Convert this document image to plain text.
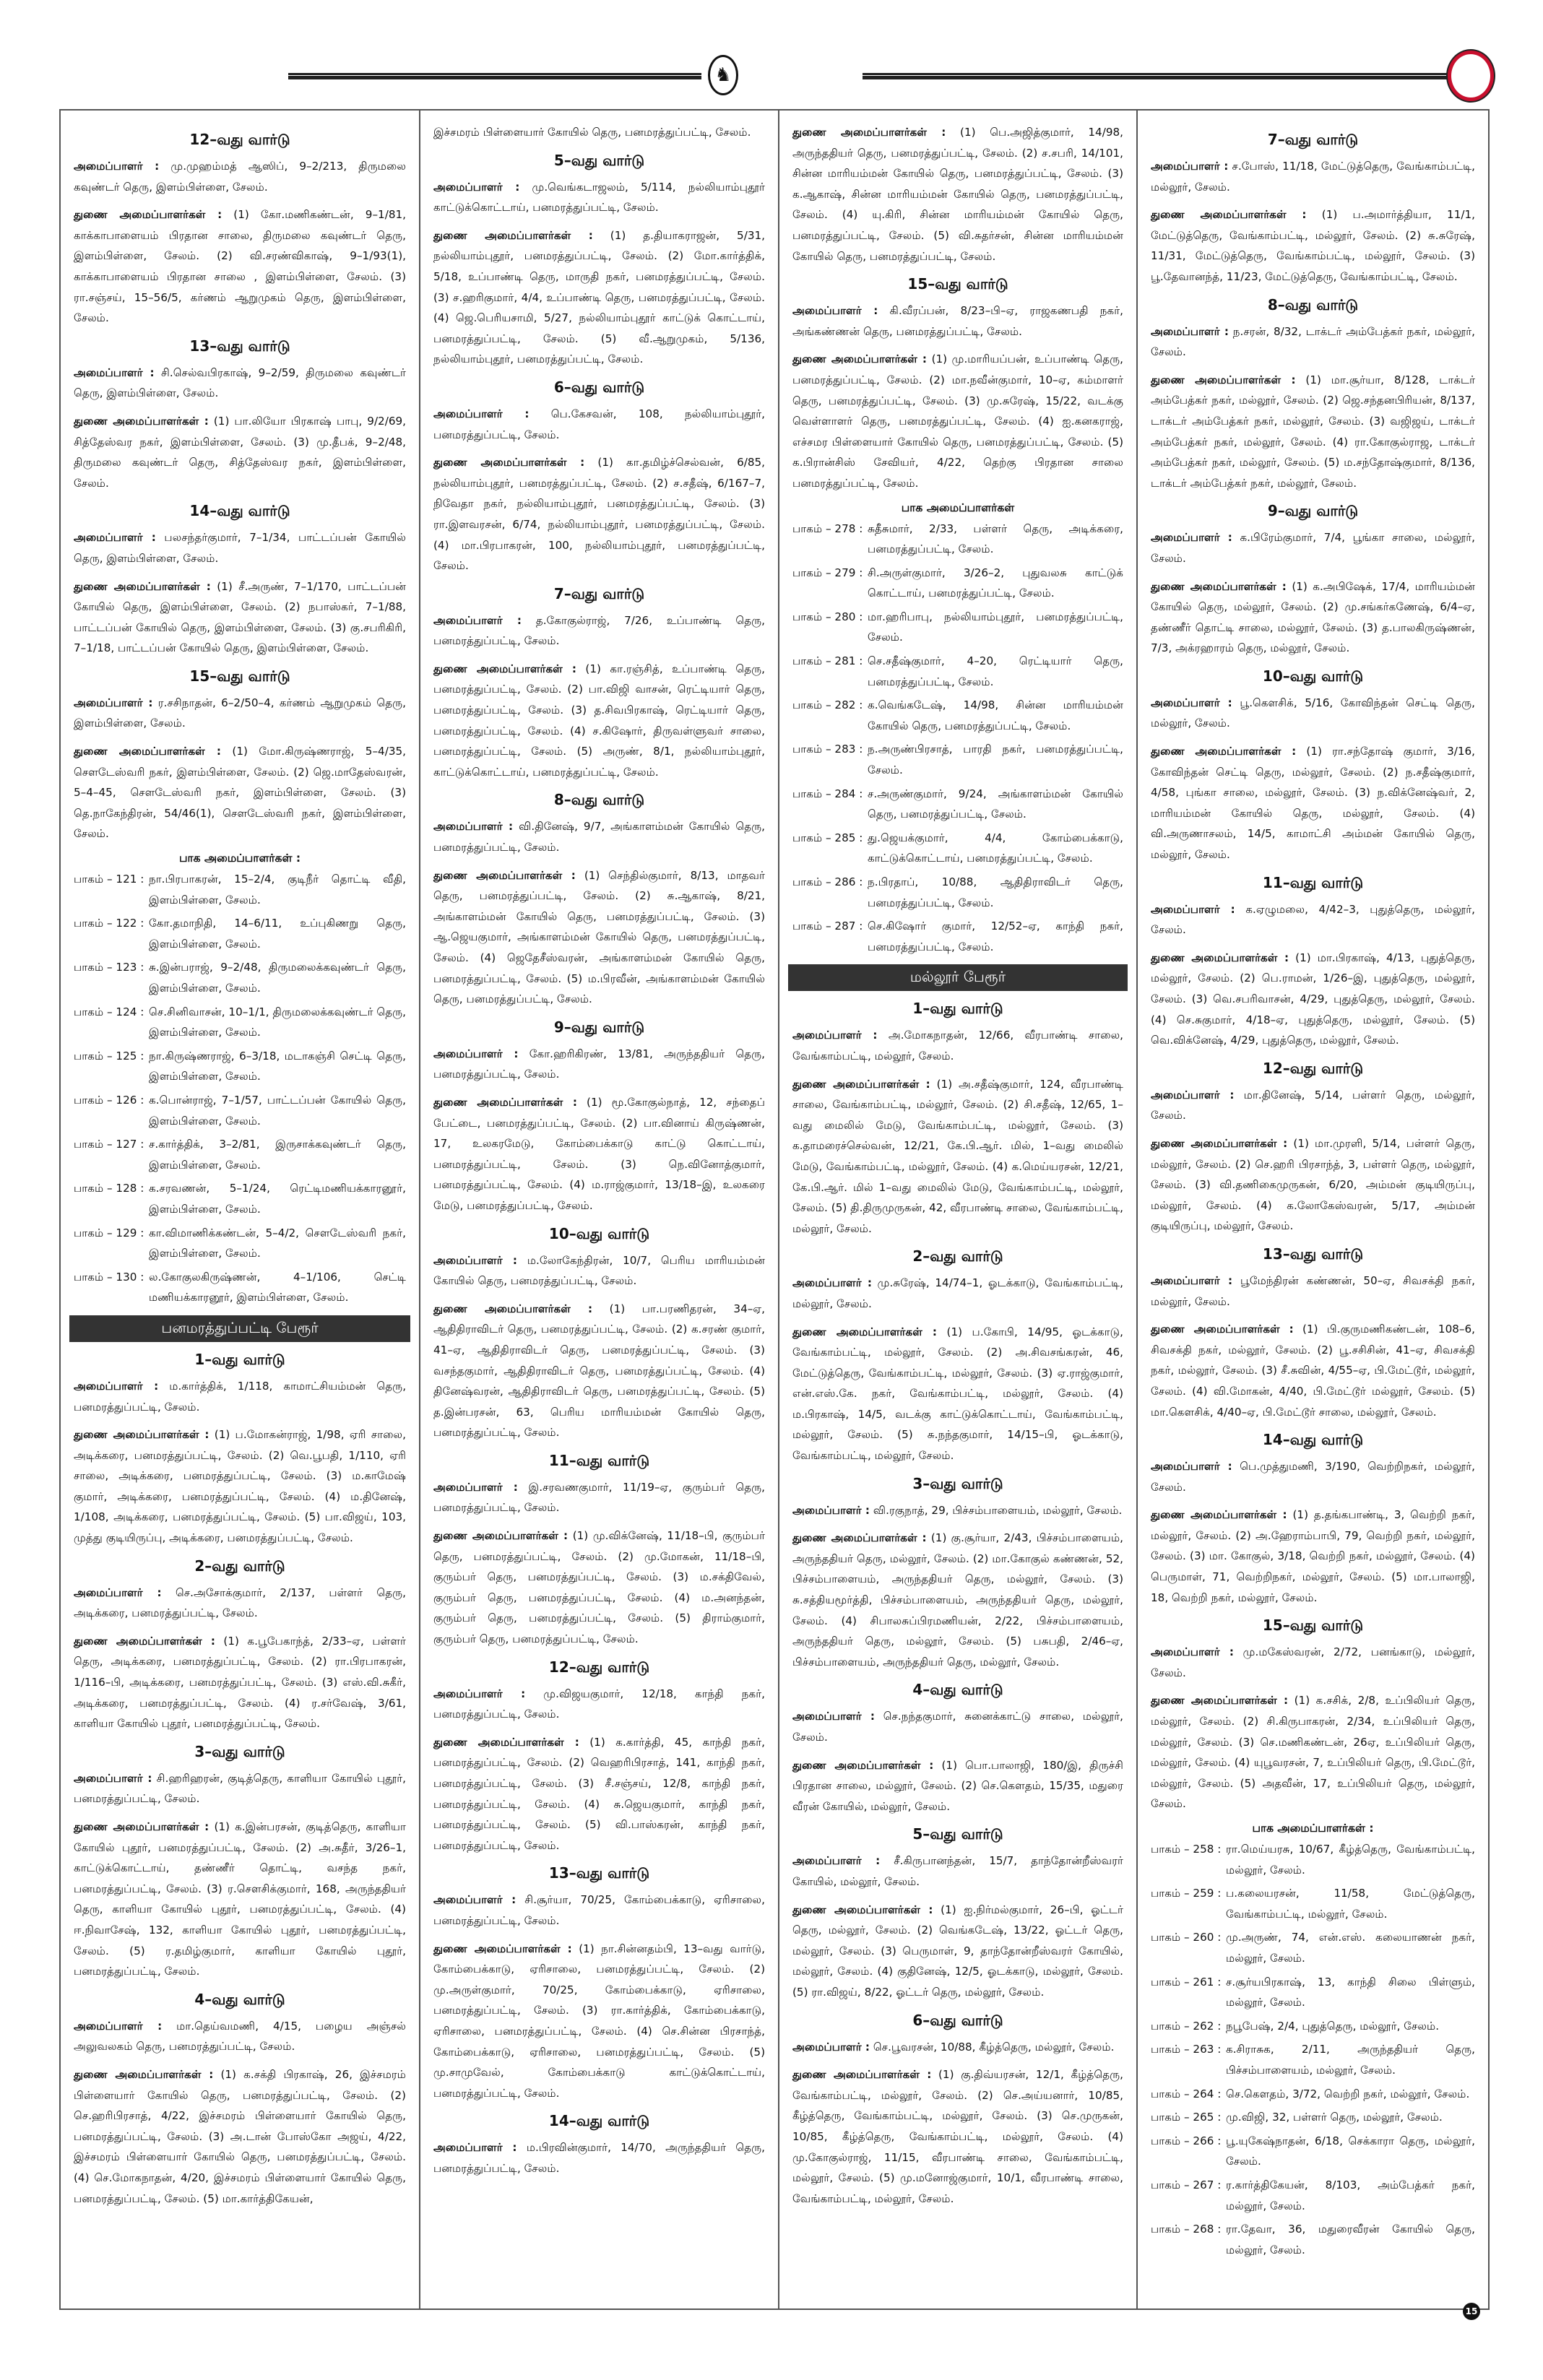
♞
12–வது வார்டு

அமைப்பாளர் : மு.முஹம்மத் ஆஸிப், 9–2/213, திருமலை கவுண்டர் தெரு, இளம்பிள்ளை, சேலம்.

துணை அமைப்பாளர்கள் : (1) கோ.மணிகண்டன், 9–1/81, காக்காபாளையம் பிரதான சாலை, திருமலை கவுண்டர் தெரு, இளம்பிள்ளை, சேலம். (2) வி.சரண்விகாஷ், 9–1/93(1), காக்காபாளையம் பிரதான சாலை , இளம்பிள்ளை, சேலம். (3) ரா.சஞ்சய், 15–56/5, கர்ணம் ஆறுமுகம் தெரு, இளம்பிள்ளை, சேலம்.

13–வது வார்டு

அமைப்பாளர் : சி.செல்வபிரகாஷ், 9–2/59, திருமலை கவுண்டர் தெரு, இளம்பிள்ளை, சேலம்.

துணை அமைப்பாளர்கள் : (1) பா.லியோ பிரகாஷ் பாபு, 9/2/69, சித்தேஸ்வர நகர், இளம்பிள்ளை, சேலம். (3) மு.தீபக், 9–2/48, திருமலை கவுண்டர் தெரு, சித்தேஸ்வர நகர், இளம்பிள்ளை, சேலம்.

14–வது வார்டு

அமைப்பாளர் : பலசந்தர்குமார், 7–1/34, பாட்டப்பன் கோயில் தெரு, இளம்பிள்ளை, சேலம்.

துணை அமைப்பாளர்கள் : (1) சீ.அருண், 7–1/170, பாட்டப்பன் கோயில் தெரு, இளம்பிள்ளை, சேலம். (2) நபாஸ்கர், 7–1/88, பாட்டப்பன் கோயில் தெரு, இளம்பிள்ளை, சேலம். (3) கு.சபரிகிரி, 7–1/18, பாட்டப்பன் கோயில் தெரு, இளம்பிள்ளை, சேலம்.

15–வது வார்டு

அமைப்பாளர் : ர.சசிநாதன், 6–2/50–4, கர்ணம் ஆறுமுகம் தெரு, இளம்பிள்ளை, சேலம்.

துணை அமைப்பாளர்கள் : (1) மோ.கிருஷ்ணராஜ், 5–4/35, சௌடேஸ்வரி நகர், இளம்பிள்ளை, சேலம். (2) ஜெ.மாதேஸ்வரன், 5–4–45, சௌடேஸ்வரி நகர், இளம்பிள்ளை, சேலம். (3) தெ.நாகேந்திரன், 54/46(1), சௌடேஸ்வரி நகர், இளம்பிள்ளை, சேலம்.

பாக அமைப்பாளர்கள் :
பாகம் – 121 : நா.பிரபாகரன், 15–2/4, குடிநீர் தொட்டி வீதி, இளம்பிள்ளை, சேலம்.
பாகம் – 122 : கோ.தமாநிதி, 14–6/11, உப்புகிணறு தெரு, இளம்பிள்ளை, சேலம்.
பாகம் – 123 : சு.இன்பராஜ், 9–2/48, திருமலைக்கவுண்டர் தெரு, இளம்பிள்ளை, சேலம்.
பாகம் – 124 : செ.சினிவாசன், 10–1/1, திருமலைக்கவுண்டர் தெரு, இளம்பிள்ளை, சேலம்.
பாகம் – 125 : நா.கிருஷ்ணராஜ், 6–3/18, மடாகஞ்சி செட்டி தெரு, இளம்பிள்ளை, சேலம்.
பாகம் – 126 : க.பொன்ராஜ், 7–1/57, பாட்டப்பன் கோயில் தெரு, இளம்பிள்ளை, சேலம்.
பாகம் – 127 : ச.கார்த்திக், 3–2/81, இருசாக்கவுண்டர் தெரு, இளம்பிள்ளை, சேலம்.
பாகம் – 128 : க.சரவணன், 5–1/24, ரெட்டிமணியக்காரனூர், இளம்பிள்ளை, சேலம்.
பாகம் – 129 : கா.விமாணிக்கண்டன், 5–4/2, சௌடேஸ்வரி நகர், இளம்பிள்ளை, சேலம்.
பாகம் – 130 : ல.கோகுலகிருஷ்ணன், 4–1/106, செட்டி மணியக்காரனூர், இளம்பிள்ளை, சேலம்.
பனமரத்துப்பட்டி பேரூர்
1–வது வார்டு

அமைப்பாளர் : ம.கார்த்திக், 1/118, காமாட்சியம்மன் தெரு, பனமரத்துப்பட்டி, சேலம்.

துணை அமைப்பாளர்கள் : (1) ப.மோகன்ராஜ், 1/98, ஏரி சாலை, அடிக்கரை, பனமரத்துப்பட்டி, சேலம். (2) வெ.பூபதி, 1/110, ஏரி சாலை, அடிக்கரை, பனமரத்துப்பட்டி, சேலம். (3) ம.காமேஷ் குமார், அடிக்கரை, பனமரத்துப்பட்டி, சேலம். (4) ம.தினேஷ், 1/108, அடிக்கரை, பனமரத்துப்பட்டி, சேலம். (5) பா.விஜய், 103, முத்து குடியிருப்பு, அடிக்கரை, பனமரத்துப்பட்டி, சேலம்.

2–வது வார்டு

அமைப்பாளர் : செ.அசோக்குமார், 2/137, பள்ளர் தெரு, அடிக்கரை, பனமரத்துப்பட்டி, சேலம்.

துணை அமைப்பாளர்கள் : (1) க.பூபேகாந்த், 2/33–ஏ, பள்ளர் தெரு, அடிக்கரை, பனமரத்துப்பட்டி, சேலம். (2) ரா.பிரபாகரன், 1/116–பி, அடிக்கரை, பனமரத்துப்பட்டி, சேலம். (3) எஸ்.வி.சுகீர், அடிக்கரை, பனமரத்துப்பட்டி, சேலம். (4) ர.சர்வேஷ், 3/61, காளியா கோயில் புதூர், பனமரத்துப்பட்டி, சேலம்.

3–வது வார்டு

அமைப்பாளர் : சி.ஹரிஹரன், குடித்தெரு, காளியா கோயில் புதூர், பனமரத்துப்பட்டி, சேலம்.

துணை அமைப்பாளர்கள் : (1) க.இன்பரசன், குடித்தெரு, காளியா கோயில் புதூர், பனமரத்துப்பட்டி, சேலம். (2) அ.சுதீர், 3/26–1, காட்டுக்கொட்டாய், தண்ணீர் தொட்டி, வசந்த நகர், பனமரத்துப்பட்டி, சேலம். (3) ர.செளசிக்குமார், 168, அருந்ததியர் தெரு, காளியா கோயில் புதூர், பனமரத்துப்பட்டி, சேலம். (4) ஈ.நிவாசேஷ், 132, காளியா கோயில் புதூர், பனமரத்துப்பட்டி, சேலம். (5) ர.தமிழ்குமார், காளியா கோயில் புதூர், பனமரத்துப்பட்டி, சேலம்.

4–வது வார்டு

அமைப்பாளர் : மா.தெய்வமணி, 4/15, பழைய அஞ்சல் அலுவலகம் தெரு, பனமரத்துப்பட்டி, சேலம்.

துணை அமைப்பாளர்கள் : (1) க.சக்தி பிரகாஷ், 26, இச்சமரம் பிள்ளையார் கோயில் தெரு, பனமரத்துப்பட்டி, சேலம். (2) செ.ஹரிபிரசாத், 4/22, இச்சமரம் பிள்ளையார் கோயில் தெரு, பனமரத்துப்பட்டி, சேலம். (3) அ.டான் போஸ்கோ அஜய், 4/22, இச்சமரம் பிள்ளையார் கோயில் தெரு, பனமரத்துப்பட்டி, சேலம். (4) செ.மோகநாதன், 4/20, இச்சமரம் பிள்ளையார் கோயில் தெரு, பனமரத்துப்பட்டி, சேலம். (5) மா.கார்த்திகேயன்,

இச்சமரம் பிள்ளையார் கோயில் தெரு, பனமரத்துப்பட்டி, சேலம்.

5–வது வார்டு

அமைப்பாளர் : மு.வெங்கடாஜலம், 5/114, நல்லியாம்புதூர் காட்டுக்கொட்டாய், பனமரத்துப்பட்டி, சேலம்.

துணை அமைப்பாளர்கள் : (1) த.தியாகராஜன், 5/31, நல்லியாம்புதூர், பனமரத்துப்பட்டி, சேலம். (2) மோ.கார்த்திக், 5/18, உப்பாண்டி தெரு, மாருதி நகர், பனமரத்துப்பட்டி, சேலம். (3) ச.ஹரிகுமார், 4/4, உப்பாண்டி தெரு, பனமரத்துப்பட்டி, சேலம். (4) ஜெ.பெரியசாமி, 5/27, நல்லியாம்புதூர் காட்டுக் கொட்டாய், பனமரத்துப்பட்டி, சேலம். (5) வீ.ஆறுமுகம், 5/136, நல்லியாம்புதூர், பனமரத்துப்பட்டி, சேலம்.

6–வது வார்டு

அமைப்பாளர் : பெ.கேசவன், 108, நல்லியாம்புதூர், பனமரத்துப்பட்டி, சேலம்.

துணை அமைப்பாளர்கள் : (1) கா.தமிழ்ச்செல்வன், 6/85, நல்லியாம்புதூர், பனமரத்துப்பட்டி, சேலம். (2) ச.சதீஷ், 6/167–7, நிவேதா நகர், நல்லியாம்புதூர், பனமரத்துப்பட்டி, சேலம். (3) ரா.இளவரசன், 6/74, நல்லியாம்புதூர், பனமரத்துப்பட்டி, சேலம். (4) மா.பிரபாகரன், 100, நல்லியாம்புதூர், பனமரத்துப்பட்டி, சேலம்.

7–வது வார்டு

அமைப்பாளர் : த.கோகுல்ராஜ், 7/26, உப்பாண்டி தெரு, பனமரத்துப்பட்டி, சேலம்.

துணை அமைப்பாளர்கள் : (1) கா.ரஞ்சித், உப்பாண்டி தெரு, பனமரத்துப்பட்டி, சேலம். (2) பா.விஜி வாசன், ரெட்டியார் தெரு, பனமரத்துப்பட்டி, சேலம். (3) த.சிவபிரகாஷ், ரெட்டியார் தெரு, பனமரத்துப்பட்டி, சேலம். (4) ச.கிஷோர், திருவள்ளுவர் சாலை, பனமரத்துப்பட்டி, சேலம். (5) அருண், 8/1, நல்லியாம்புதூர், காட்டுக்கொட்டாய், பனமரத்துப்பட்டி, சேலம்.

8–வது வார்டு

அமைப்பாளர் : வி.தினேஷ், 9/7, அங்காளம்மன் கோயில் தெரு, பனமரத்துப்பட்டி, சேலம்.

துணை அமைப்பாளர்கள் : (1) செந்தில்குமார், 8/13, மாதவர் தெரு, பனமரத்துப்பட்டி, சேலம். (2) சு.ஆகாஷ், 8/21, அங்காளம்மன் கோயில் தெரு, பனமரத்துப்பட்டி, சேலம். (3) ஆ.ஜெயகுமார், அங்காளம்மன் கோயில் தெரு, பனமரத்துப்பட்டி, சேலம். (4) ஜெதேசீஸ்வரன், அங்காளம்மன் கோயில் தெரு, பனமரத்துப்பட்டி, சேலம். (5) ம.பிரவீன், அங்காளம்மன் கோயில் தெரு, பனமரத்துப்பட்டி, சேலம்.

9–வது வார்டு

அமைப்பாளர் : கோ.ஹரிகிரண், 13/81, அருந்ததியர் தெரு, பனமரத்துப்பட்டி, சேலம்.

துணை அமைப்பாளர்கள் : (1) மூ.கோகுல்நாத், 12, சந்தைப் பேட்டை, பனமரத்துப்பட்டி, சேலம். (2) பா.வினாய் கிருஷ்ணன், 17, உலகரமேடு, கோம்பைக்காடு காட்டு கொட்டாய், பனமரத்துப்பட்டி, சேலம். (3) நெ.வினோத்குமார், பனமரத்துப்பட்டி, சேலம். (4) ம.ராஜ்குமார், 13/18–இ, உலகரை மேடு, பனமரத்துப்பட்டி, சேலம்.

10–வது வார்டு

அமைப்பாளர் : ம.லோகேந்திரன், 10/7, பெரிய மாரியம்மன் கோயில் தெரு, பனமரத்துப்பட்டி, சேலம்.

துணை அமைப்பாளர்கள் : (1) பா.பரணிதரன், 34–ஏ, ஆதிதிராவிடர் தெரு, பனமரத்துப்பட்டி, சேலம். (2) க.சரண் குமார், 41–ஏ, ஆதிதிராவிடர் தெரு, பனமரத்துப்பட்டி, சேலம். (3) வசந்தகுமார், ஆதிதிராவிடர் தெரு, பனமரத்துப்பட்டி, சேலம். (4) தினேஷ்வரன், ஆதிதிராவிடர் தெரு, பனமரத்துப்பட்டி, சேலம். (5) த.இன்பரசன், 63, பெரிய மாரியம்மன் கோயில் தெரு, பனமரத்துப்பட்டி, சேலம்.

11–வது வார்டு

அமைப்பாளர் : இ.சரவணகுமார், 11/19–ஏ, குரும்பர் தெரு, பனமரத்துப்பட்டி, சேலம்.

துணை அமைப்பாளர்கள் : (1) மு.விக்னேஷ், 11/18–பி, குரும்பர் தெரு, பனமரத்துப்பட்டி, சேலம். (2) மு.மோகன், 11/18–பி, குரும்பர் தெரு, பனமரத்துப்பட்டி, சேலம். (3) ம.சக்திவேல், குரும்பர் தெரு, பனமரத்துப்பட்டி, சேலம். (4) ம.அனந்தன், குரும்பர் தெரு, பனமரத்துப்பட்டி, சேலம். (5) திராம்குமார், குரும்பர் தெரு, பனமரத்துப்பட்டி, சேலம்.

12–வது வார்டு

அமைப்பாளர் : மு.விஜயகுமார், 12/18, காந்தி நகர், பனமரத்துப்பட்டி, சேலம்.

துணை அமைப்பாளர்கள் : (1) க.கார்த்தி, 45, காந்தி நகர், பனமரத்துப்பட்டி, சேலம். (2) வெஹரிபிரசாத், 141, காந்தி நகர், பனமரத்துப்பட்டி, சேலம். (3) சீ.சஞ்சய், 12/8, காந்தி நகர், பனமரத்துப்பட்டி, சேலம். (4) சு.ஜெயகுமார், காந்தி நகர், பனமரத்துப்பட்டி, சேலம். (5) வி.பாஸ்கரன், காந்தி நகர், பனமரத்துப்பட்டி, சேலம்.

13–வது வார்டு

அமைப்பாளர் : சி.சூர்யா, 70/25, கோம்பைக்காடு, ஏரிசாலை, பனமரத்துப்பட்டி, சேலம்.

துணை அமைப்பாளர்கள் : (1) நா.சின்னதம்பி, 13–வது வார்டு, கோம்பைக்காடு, ஏரிசாலை, பனமரத்துப்பட்டி, சேலம். (2) மு.அருள்குமார், 70/25, கோம்பைக்காடு, ஏரிசாலை, பனமரத்துப்பட்டி, சேலம். (3) ரா.கார்த்திக், கோம்பைக்காடு, ஏரிசாலை, பனமரத்துப்பட்டி, சேலம். (4) செ.சின்ன பிரசாந்த், கோம்பைக்காடு, ஏரிசாலை, பனமரத்துப்பட்டி, சேலம். (5) மு.சாமுவேல், கோம்பைக்காடு காட்டுக்கொட்டாய், பனமரத்துப்பட்டி, சேலம்.

14–வது வார்டு

அமைப்பாளர் : ம.பிரவின்குமார், 14/70, அருந்ததியர் தெரு, பனமரத்துப்பட்டி, சேலம்.

துணை அமைப்பாளர்கள் : (1) பெ.அஜித்குமார், 14/98, அருந்ததியர் தெரு, பனமரத்துப்பட்டி, சேலம். (2) ச.சபரி, 14/101, சின்ன மாரியம்மன் கோயில் தெரு, பனமரத்துப்பட்டி, சேலம். (3) க.ஆகாஷ், சின்ன மாரியம்மன் கோயில் தெரு, பனமரத்துப்பட்டி, சேலம். (4) யு.கிரி, சின்ன மாரியம்மன் கோயில் தெரு, பனமரத்துப்பட்டி, சேலம். (5) வி.சுதர்சன், சின்ன மாரியம்மன் கோயில் தெரு, பனமரத்துப்பட்டி, சேலம்.

15–வது வார்டு

அமைப்பாளர் : கி.வீரப்பன், 8/23–பி–ஏ, ராஜகணபதி நகர், அங்கண்ணன் தெரு, பனமரத்துப்பட்டி, சேலம்.

துணை அமைப்பாளர்கள் : (1) மு.மாரியப்பன், உப்பாண்டி தெரு, பனமரத்துப்பட்டி, சேலம். (2) மா.நவீன்குமார், 10–ஏ, கம்மாளர் தெரு, பனமரத்துப்பட்டி, சேலம். (3) மு.சுரேஷ், 15/22, வடக்கு வெள்ளாளர் தெரு, பனமரத்துப்பட்டி, சேலம். (4) ஐ.கனகராஜ், எச்சமர பிள்ளையார் கோயில் தெரு, பனமரத்துப்பட்டி, சேலம். (5) க.பிரான்சிஸ் சேவியர், 4/22, தெற்கு பிரதான சாலை பனமரத்துப்பட்டி, சேலம்.

பாக அமைப்பாளர்கள்
பாகம் – 278 : சுதீசுமார், 2/33, பள்ளர் தெரு, அடிக்கரை, பனமரத்துப்பட்டி, சேலம்.
பாகம் – 279 : சி.அருள்குமார், 3/26–2, புதுவலசு காட்டுக் கொட்டாய், பனமரத்துப்பட்டி, சேலம்.
பாகம் – 280 : மா.ஹரிபாபு, நல்லியாம்புதூர், பனமரத்துப்பட்டி, சேலம்.
பாகம் – 281 : செ.சதீஷ்குமார், 4–20, ரெட்டியார் தெரு, பனமரத்துப்பட்டி, சேலம்.
பாகம் – 282 : க.வெங்கடேஷ், 14/98, சின்ன மாரியம்மன் கோயில் தெரு, பனமரத்துப்பட்டி, சேலம்.
பாகம் – 283 : ந.அருண்பிரசாத், பாரதி நகர், பனமரத்துப்பட்டி, சேலம்.
பாகம் – 284 : ச.அருண்குமார், 9/24, அங்காளம்மன் கோயில் தெரு, பனமரத்துப்பட்டி, சேலம்.
பாகம் – 285 : து.ஜெயக்குமார், 4/4, கோம்பைக்காடு, காட்டுக்கொட்டாய், பனமரத்துப்பட்டி, சேலம்.
பாகம் – 286 : ந.பிரதாப், 10/88, ஆதிதிராவிடர் தெரு, பனமரத்துப்பட்டி, சேலம்.
பாகம் – 287 : செ.கிஷோர் குமார், 12/52–ஏ, காந்தி நகர், பனமரத்துப்பட்டி, சேலம்.
மல்லூர் பேரூர்
1–வது வார்டு

அமைப்பாளர் : அ.மோகநாதன், 12/66, வீரபாண்டி சாலை, வேங்காம்பட்டி, மல்லூர், சேலம்.

துணை அமைப்பாளர்கள் : (1) அ.சதீஷ்குமார், 124, வீரபாண்டி சாலை, வேங்காம்பட்டி, மல்லூர், சேலம். (2) சி.சதீஷ், 12/65, 1–வது மைலில் மேடு, வேங்காம்பட்டி, மல்லூர், சேலம். (3) க.தாமரைச்செல்வன், 12/21, கே.பி.ஆர். மில், 1–வது மைலில் மேடு, வேங்காம்பட்டி, மல்லூர், சேலம். (4) க.மெய்யரசன், 12/21, கே.பி.ஆர். மில் 1–வது மைலில் மேடு, வேங்காம்பட்டி, மல்லூர், சேலம். (5) தி.திருமுருகன், 42, வீரபாண்டி சாலை, வேங்காம்பட்டி, மல்லூர், சேலம்.

2–வது வார்டு

அமைப்பாளர் : மு.சுரேஷ், 14/74–1, ஓடக்காடு, வேங்காம்பட்டி, மல்லூர், சேலம்.

துணை அமைப்பாளர்கள் : (1) ப.கோபி, 14/95, ஓடக்காடு, வேங்காம்பட்டி, மல்லூர், சேலம். (2) அ.சிவசங்கரன், 46, மேட்டுத்தெரு, வேங்காம்பட்டி, மல்லூர், சேலம். (3) ஏ.ராஜ்குமார், என்.எஸ்.கே. நகர், வேங்காம்பட்டி, மல்லூர், சேலம். (4) ம.பிரகாஷ், 14/5, வடக்கு காட்டுக்கொட்டாய், வேங்காம்பட்டி, மல்லூர், சேலம். (5) சு.நந்தகுமார், 14/15–பி, ஓடக்காடு, வேங்காம்பட்டி, மல்லூர், சேலம்.

3–வது வார்டு

அமைப்பாளர் : வி.ரகுநாத், 29, பிச்சம்பாளையம், மல்லூர், சேலம்.

துணை அமைப்பாளர்கள் : (1) கு.சூர்யா, 2/43, பிச்சம்பாளையம், அருந்ததியர் தெரு, மல்லூர், சேலம். (2) மா.கோகுல் கண்ணன், 52, பிச்சம்பாளையம், அருந்ததியர் தெரு, மல்லூர், சேலம். (3) சு.சத்தியமூர்த்தி, பிச்சம்பாளையம், அருந்ததியர் தெரு, மல்லூர், சேலம். (4) சிபாலசுப்பிரமணியன், 2/22, பிச்சம்பாளையம், அருந்ததியர் தெரு, மல்லூர், சேலம். (5) பசுபதி, 2/46–ஏ, பிச்சம்பாளையம், அருந்ததியர் தெரு, மல்லூர், சேலம்.

4–வது வார்டு

அமைப்பாளர் : செ.நந்தகுமார், சுனைக்காட்டு சாலை, மல்லூர், சேலம்.

துணை அமைப்பாளர்கள் : (1) பொ.பாலாஜி, 180/இ, திருச்சி பிரதான சாலை, மல்லூர், சேலம். (2) செ.கௌதம், 15/35, மதுரை வீரன் கோயில், மல்லூர், சேலம்.

5–வது வார்டு

அமைப்பாளர் : சீ.கிருபானந்தன், 15/7, தாந்தோன்றீஸ்வரர் கோயில், மல்லூர், சேலம்.

துணை அமைப்பாளர்கள் : (1) ஐ.நிர்மல்குமார், 26–பி, ஓட்டர் தெரு, மல்லூர், சேலம். (2) வெங்கடேஷ், 13/22, ஓட்டர் தெரு, மல்லூர், சேலம். (3) பெருமாள், 9, தாந்தோன்றீஸ்வரர் கோயில், மல்லூர், சேலம். (4) குதினேஷ், 12/5, ஓடக்காடு, மல்லூர், சேலம். (5) ரா.விஜய், 8/22, ஓட்டர் தெரு, மல்லூர், சேலம்.

6–வது வார்டு

அமைப்பாளர் : செ.பூவரசன், 10/88, கீழ்த்தெரு, மல்லூர், சேலம்.

துணை அமைப்பாளர்கள் : (1) கு.திவ்யரசன், 12/1, கீழ்த்தெரு, வேங்காம்பட்டி, மல்லூர், சேலம். (2) செ.அய்யனார், 10/85, கீழ்த்தெரு, வேங்காம்பட்டி, மல்லூர், சேலம். (3) செ.முருகன், 10/85, கீழ்த்தெரு, வேங்காம்பட்டி, மல்லூர், சேலம். (4) மு.கோகுல்ராஜ், 11/15, வீரபாண்டி சாலை, வேங்காம்பட்டி, மல்லூர், சேலம். (5) மு.மனோஜ்குமார், 10/1, வீரபாண்டி சாலை, வேங்காம்பட்டி, மல்லூர், சேலம்.

7–வது வார்டு

அமைப்பாளர் : ச.போஸ், 11/18, மேட்டுத்தெரு, வேங்காம்பட்டி, மல்லூர், சேலம்.

துணை அமைப்பாளர்கள் : (1) ப.அமார்த்தியா, 11/1, மேட்டுத்தெரு, வேங்காம்பட்டி, மல்லூர், சேலம். (2) சு.சுரேஷ், 11/31, மேட்டுத்தெரு, வேங்காம்பட்டி, மல்லூர், சேலம். (3) பூ.தேவானந்த், 11/23, மேட்டுத்தெரு, வேங்காம்பட்டி, சேலம்.

8–வது வார்டு

அமைப்பாளர் : ந.சரன், 8/32, டாக்டர் அம்பேத்கர் நகர், மல்லூர், சேலம்.

துணை அமைப்பாளர்கள் : (1) மா.சூர்யா, 8/128, டாக்டர் அம்பேத்கர் நகர், மல்லூர், சேலம். (2) ஜெ.சந்தனபிரியன், 8/137, டாக்டர் அம்பேத்கர் நகர், மல்லூர், சேலம். (3) வஜிஜய், டாக்டர் அம்பேத்கர் நகர், மல்லூர், சேலம். (4) ரா.கோகுல்ராஜ, டாக்டர் அம்பேத்கர் நகர், மல்லூர், சேலம். (5) ம.சந்தோஷ்குமார், 8/136, டாக்டர் அம்பேத்கர் நகர், மல்லூர், சேலம்.

9–வது வார்டு

அமைப்பாளர் : க.பிரேம்குமார், 7/4, பூங்கா சாலை, மல்லூர், சேலம்.

துணை அமைப்பாளர்கள் : (1) க.அபிஷேக், 17/4, மாரியம்மன் கோயில் தெரு, மல்லூர், சேலம். (2) மு.சங்கர்கணேஷ், 6/4–ஏ, தண்ணீர் தொட்டி சாலை, மல்லூர், சேலம். (3) த.பாலகிருஷ்ணன், 7/3, அக்ரஹாரம் தெரு, மல்லூர், சேலம்.

10–வது வார்டு

அமைப்பாளர் : பூ.கௌசிக், 5/16, கோவிந்தன் செட்டி தெரு, மல்லூர், சேலம்.

துணை அமைப்பாளர்கள் : (1) ரா.சந்தோஷ் குமார், 3/16, கோவிந்தன் செட்டி தெரு, மல்லூர், சேலம். (2) ந.சதீஷ்குமார், 4/58, புங்கா சாலை, மல்லூர், சேலம். (3) ந.விக்னேஷ்வர், 2, மாரியம்மன் கோயில் தெரு, மல்லூர், சேலம். (4) வி.அருணாசலம், 14/5, காமாட்சி அம்மன் கோயில் தெரு, மல்லூர், சேலம்.

11–வது வார்டு

அமைப்பாளர் : க.ஏழுமலை, 4/42–3, புதுத்தெரு, மல்லூர், சேலம்.

துணை அமைப்பாளர்கள் : (1) மா.பிரகாஷ், 4/13, புதுத்தெரு, மல்லூர், சேலம். (2) பெ.ராமன், 1/26–இ, புதுத்தெரு, மல்லூர், சேலம். (3) வெ.சபரிவாசன், 4/29, புதுத்தெரு, மல்லூர், சேலம். (4) செ.சுகுமார், 4/18–ஏ, புதுத்தெரு, மல்லூர், சேலம். (5) வெ.விக்னேஷ், 4/29, புதுத்தெரு, மல்லூர், சேலம்.

12–வது வார்டு

அமைப்பாளர் : மா.தினேஷ், 5/14, பள்ளர் தெரு, மல்லூர், சேலம்.

துணை அமைப்பாளர்கள் : (1) மா.முரளி, 5/14, பள்ளர் தெரு, மல்லூர், சேலம். (2) செ.ஹரி பிரசாந்த், 3, பள்ளர் தெரு, மல்லூர், சேலம். (3) வி.தணிகைமுருகன், 6/20, அம்மன் குடியிருப்பு, மல்லூர், சேலம். (4) க.லோகேஸ்வரன், 5/17, அம்மன் குடியிருப்பு, மல்லூர், சேலம்.

13–வது வார்டு

அமைப்பாளர் : பூமேந்திரன் கண்ணன், 50–ஏ, சிவசக்தி நகர், மல்லூர், சேலம்.

துணை அமைப்பாளர்கள் : (1) பி.குருமணிகண்டன், 108–6, சிவசக்தி நகர், மல்லூர், சேலம். (2) பூ.சசிசின், 41–ஏ, சிவசக்தி நகர், மல்லூர், சேலம். (3) சீ.சுவின், 4/55–ஏ, பி.மேட்டூர், மல்லூர், சேலம். (4) வி.மோகன், 4/40, பி.மேட்டூர் மல்லூர், சேலம். (5) மா.கௌசிக், 4/40–ஏ, பி.மேட்டூர் சாலை, மல்லூர், சேலம்.

14–வது வார்டு

அமைப்பாளர் : பெ.முத்துமணி, 3/190, வெற்றிநகர், மல்லூர், சேலம்.

துணை அமைப்பாளர்கள் : (1) த.தங்கபாண்டி, 3, வெற்றி நகர், மல்லூர், சேலம். (2) அ.ஹேராம்பாபி, 79, வெற்றி நகர், மல்லூர், சேலம். (3) மா. கோகுல், 3/18, வெற்றி நகர், மல்லூர், சேலம். (4) பெருமாள், 71, வெற்றிநகர், மல்லூர், சேலம். (5) மா.பாலாஜி, 18, வெற்றி நகர், மல்லூர், சேலம்.

15–வது வார்டு

அமைப்பாளர் : மு.மகேஸ்வரன், 2/72, பனங்காடு, மல்லூர், சேலம்.

துணை அமைப்பாளர்கள் : (1) க.சசிக், 2/8, உப்பிலியர் தெரு, மல்லூர், சேலம். (2) சி.கிருபாகரன், 2/34, உப்பிலியர் தெரு, மல்லூர், சேலம். (3) செ.மணிகண்டன், 26ஏ, உப்பிலியர் தெரு, மல்லூர், சேலம். (4) யுபூவரசன், 7, உப்பிலியர் தெரு, பி.மேட்டூர், மல்லூர், சேலம். (5) அதவீன், 17, உப்பிலியர் தெரு, மல்லூர், சேலம்.

பாக அமைப்பாளர்கள் :
பாகம் – 258 : ரா.மெய்யரசு, 10/67, கீழ்த்தெரு, வேங்காம்பட்டி, மல்லூர், சேலம்.
பாகம் – 259 : ப.கலையரசன், 11/58, மேட்டுத்தெரு, வேங்காம்பட்டி, மல்லூர், சேலம்.
பாகம் – 260 : மு.அருண், 74, என்.எஸ். கலையாணன் நகர், மல்லூர், சேலம்.
பாகம் – 261 : ச.சூர்யபிரகாஷ், 13, காந்தி சிலை பிள்ளும், மல்லூர், சேலம்.
பாகம் – 262 : நபூபேஷ், 2/4, புதுத்தெரு, மல்லூர், சேலம்.
பாகம் – 263 : க.சிராசுக, 2/11, அருந்ததியர் தெரு, பிச்சம்பாளையம், மல்லூர், சேலம்.
பாகம் – 264 : செ.கௌதம், 3/72, வெற்றி நகர், மல்லூர், சேலம்.
பாகம் – 265 : மு.விஜி, 32, பள்ளர் தெரு, மல்லூர், சேலம்.
பாகம் – 266 : பூ.யுகேஷ்நாதன், 6/18, செக்காரா தெரு, மல்லூர், சேலம்.
பாகம் – 267 : ர.கார்த்திகேயன், 8/103, அம்பேத்கர் நகர், மல்லூர், சேலம்.
பாகம் – 268 : ரா.தேவா, 36, மதுரைவீரன் கோயில் தெரு, மல்லூர், சேலம்.
15
